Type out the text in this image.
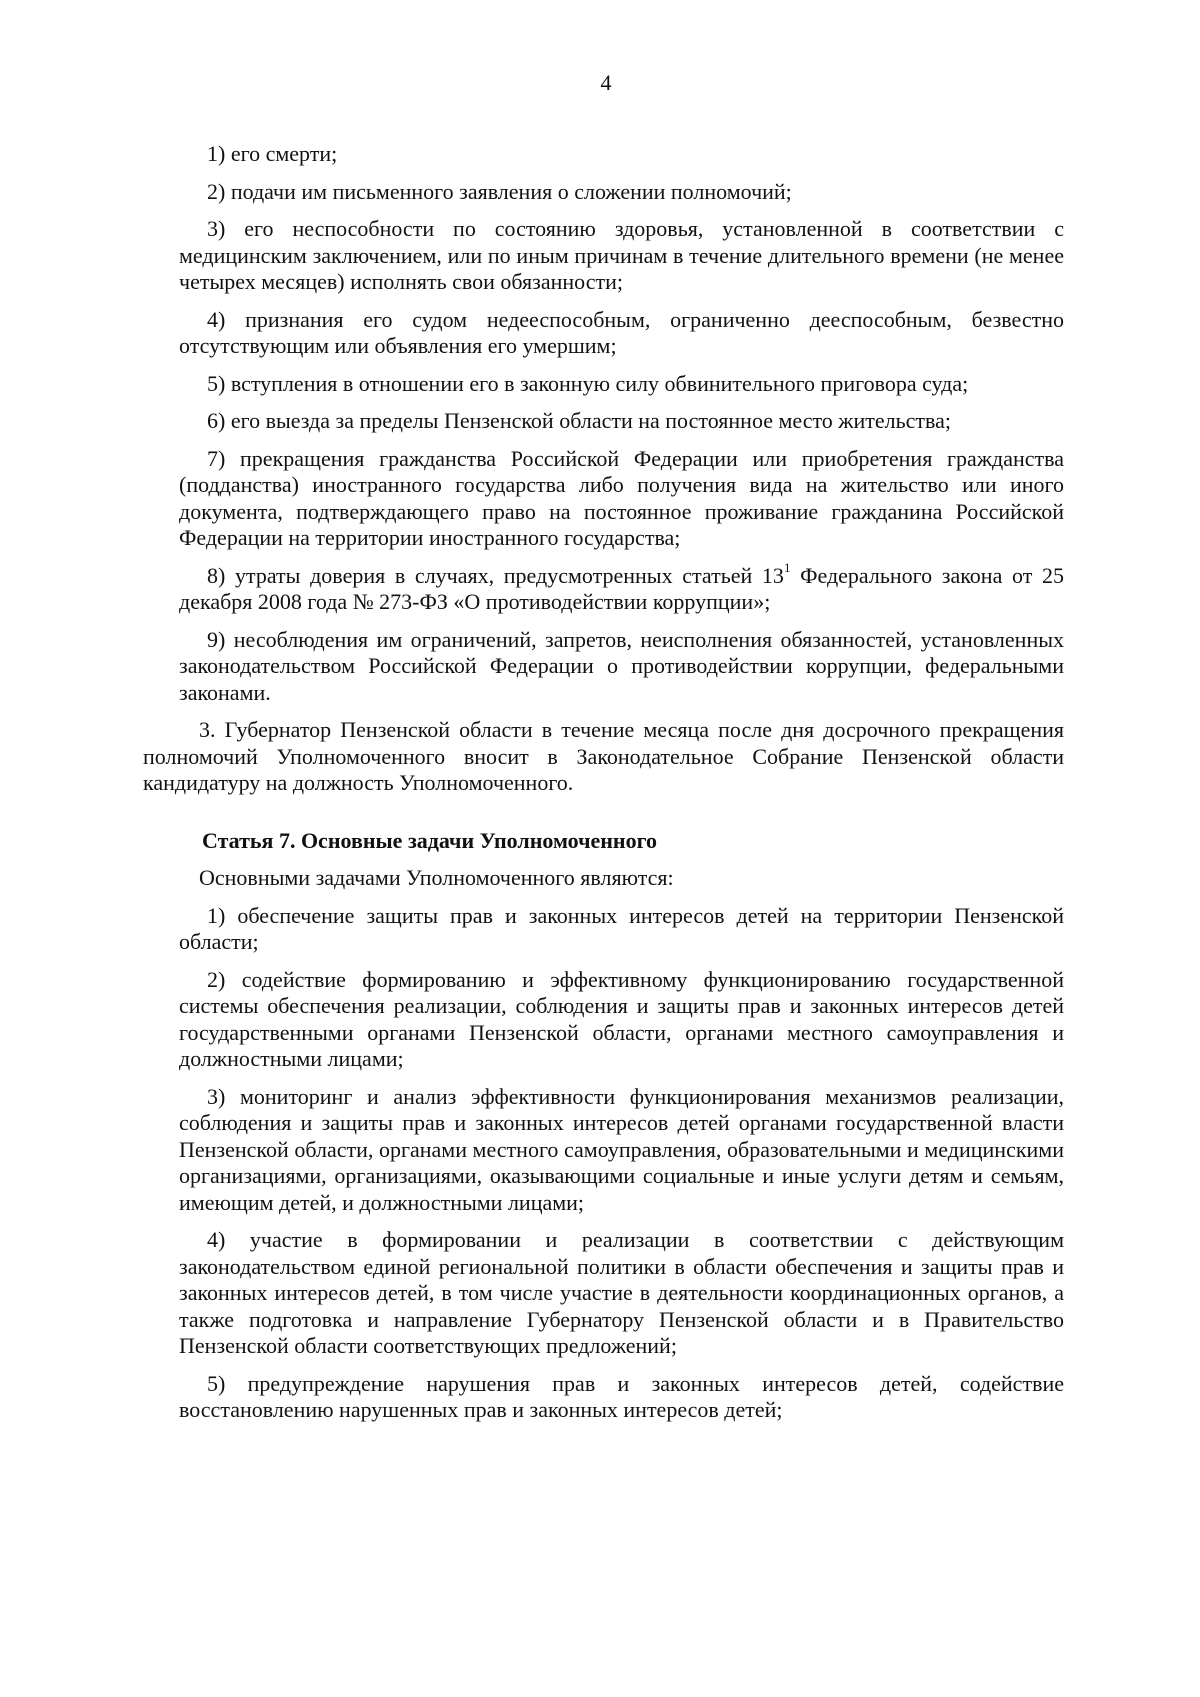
4

1) его смерти;

2) подачи им письменного заявления о сложении полномочий;

3) его неспособности по состоянию здоровья, установленной в соответствии с медицинским заключением, или по иным причинам в течение длительного времени (не менее четырех месяцев) исполнять свои обязанности;

4) признания его судом недееспособным, ограниченно дееспособным, безвестно отсутствующим или объявления его умершим;

5) вступления в отношении его в законную силу обвинительного приговора суда;

6) его выезда за пределы Пензенской области на постоянное место жительства;

7) прекращения гражданства Российской Федерации или приобретения гражданства (подданства) иностранного государства либо получения вида на жительство или иного документа, подтверждающего право на постоянное проживание гражданина Российской Федерации на территории иностранного государства;

8) утраты доверия в случаях, предусмотренных статьей $13^1$ Федерального закона от 25 декабря 2008 года № 273-ФЗ «О противодействии коррупции»;

9) несоблюдения им ограничений, запретов, неисполнения обязанностей, установленных законодательством Российской Федерации о противодействии коррупции, федеральными законами.

3. Губернатор Пензенской области в течение месяца после дня досрочного прекращения полномочий Уполномоченного вносит в Законодательное Собрание Пензенской области кандидатуру на должность Уполномоченного.

Статья 7. Основные задачи Уполномоченного

Основными задачами Уполномоченного являются:

1) обеспечение защиты прав и законных интересов детей на территории Пензенской области;

2) содействие формированию и эффективному функционированию государственной системы обеспечения реализации, соблюдения и защиты прав и законных интересов детей государственными органами Пензенской области, органами местного самоуправления и должностными лицами;

3) мониторинг и анализ эффективности функционирования механизмов реализации, соблюдения и защиты прав и законных интересов детей органами государственной власти Пензенской области, органами местного самоуправления, образовательными и медицинскими организациями, организациями, оказывающими социальные и иные услуги детям и семьям, имеющим детей, и должностными лицами;

4) участие в формировании и реализации в соответствии с действующим законодательством единой региональной политики в области обеспечения и защиты прав и законных интересов детей, в том числе участие в деятельности координационных органов, а также подготовка и направление Губернатору Пензенской области и в Правительство Пензенской области соответствующих предложений;

5) предупреждение нарушения прав и законных интересов детей, содействие восстановлению нарушенных прав и законных интересов детей;
